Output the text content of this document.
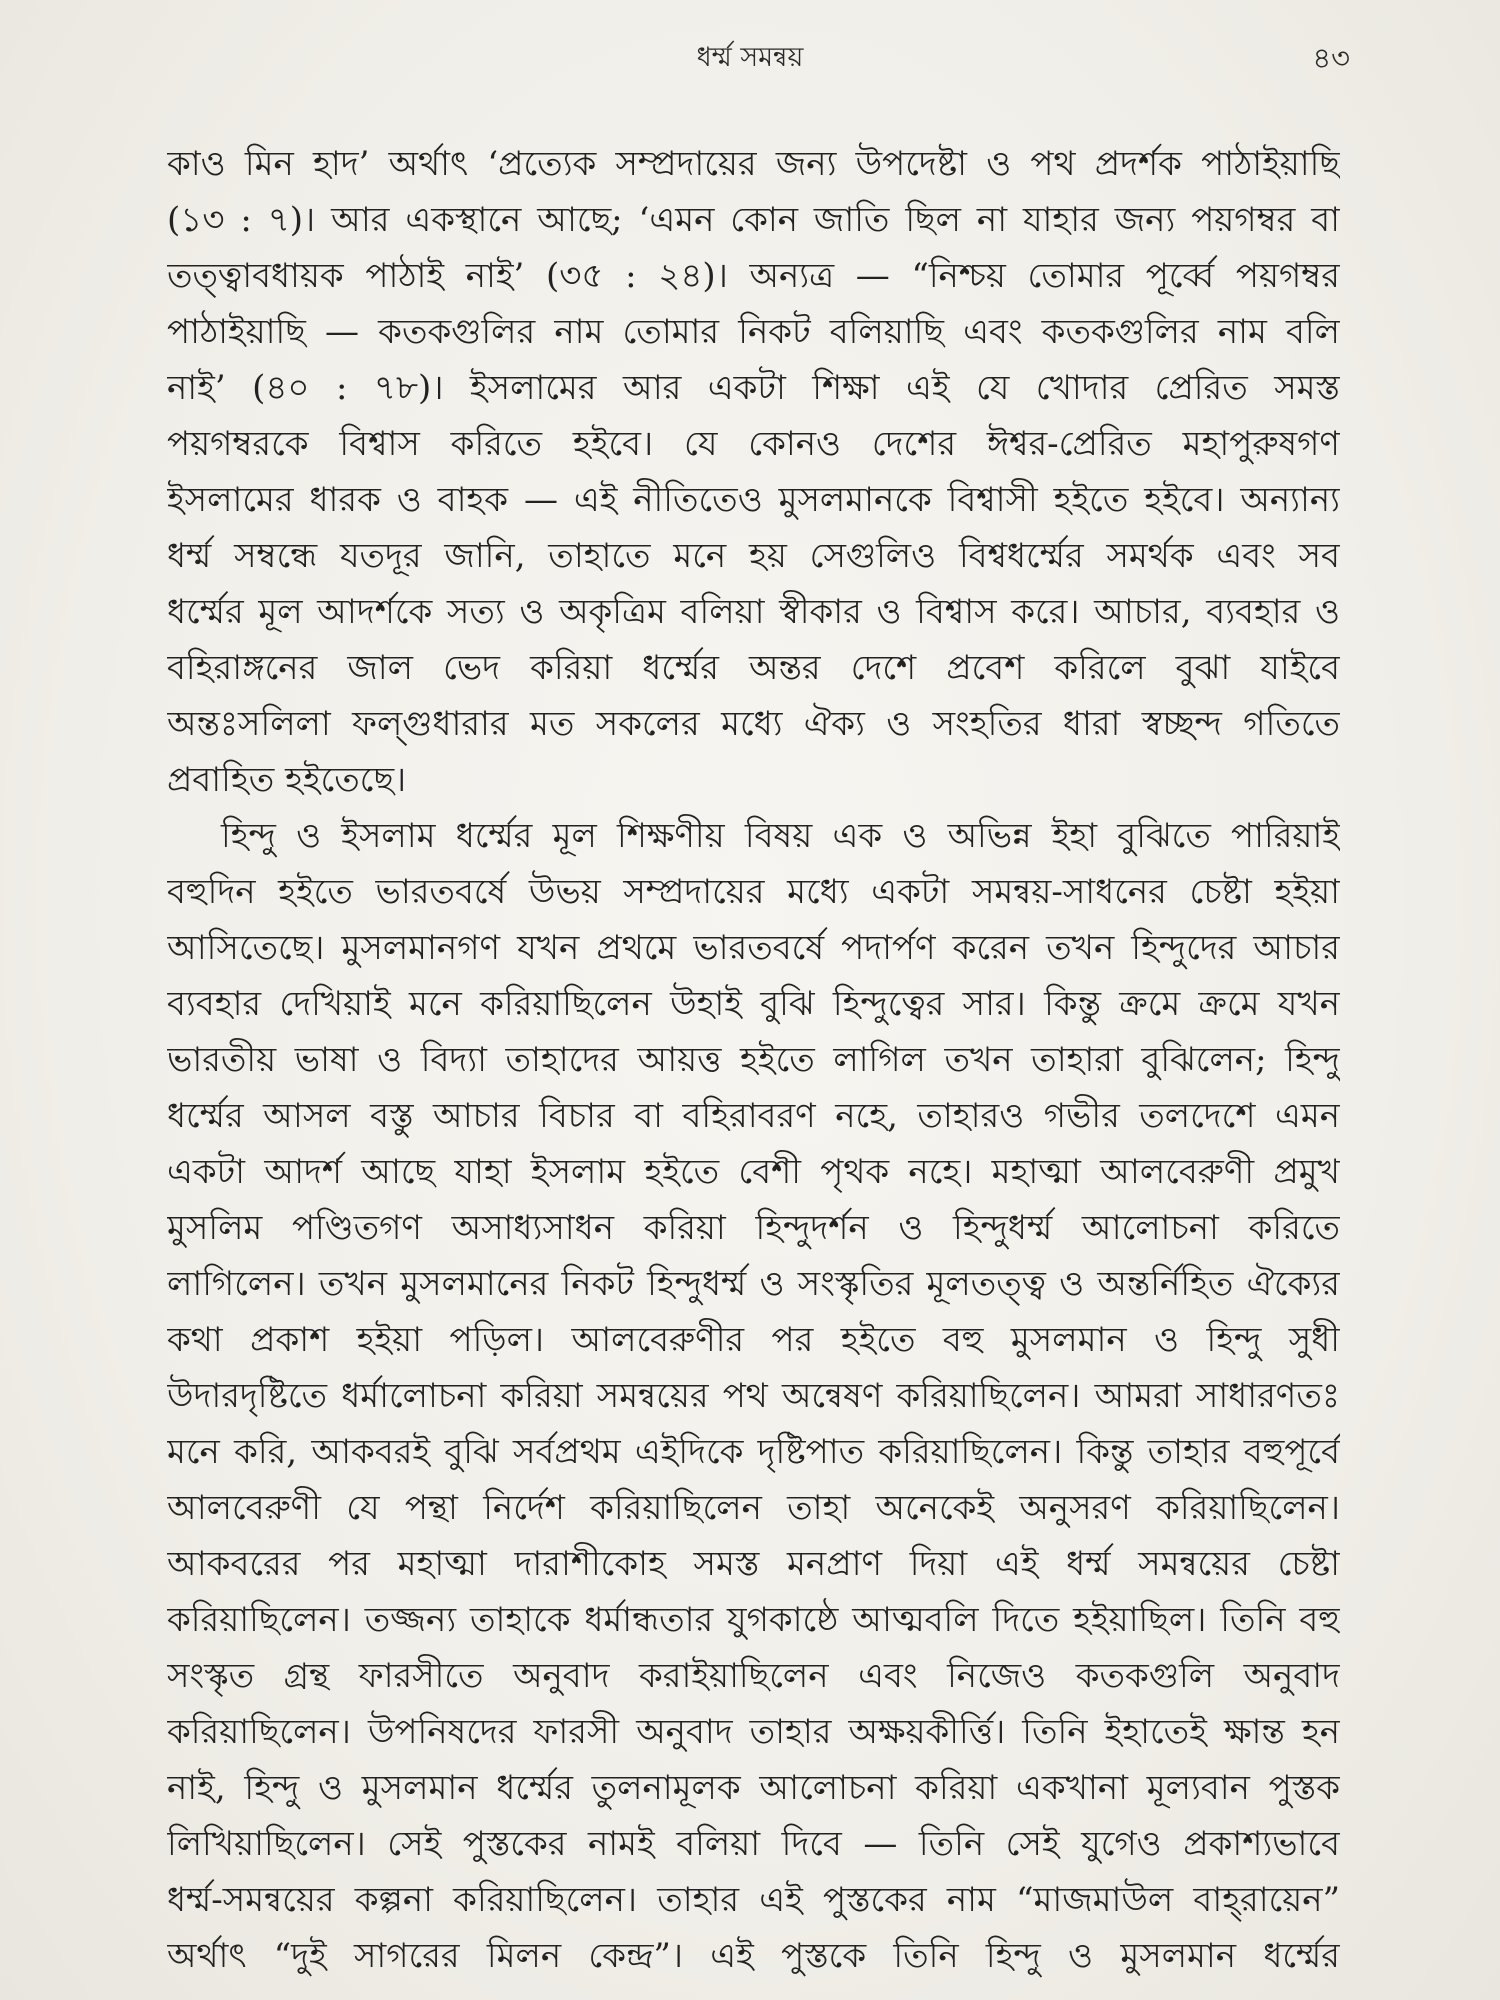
ধর্ম্ম সমন্বয়	৪৩
কাও মিন হাদ’ অর্থাৎ ‘প্রত্যেক সম্প্রদায়ের জন্য উপদেষ্টা ও পথ প্রদর্শক পাঠাইয়াছি
(১৩ : ৭)। আর একস্থানে আছে; ‘এমন কোন জাতি ছিল না যাহার জন্য পয়গম্বর বা
তত্ত্বাবধায়ক পাঠাই নাই’ (৩৫ : ২৪)। অন্যত্র — “নিশ্চয় তোমার পূর্ব্বে পয়গম্বর
পাঠাইয়াছি — কতকগুলির নাম তোমার নিকট বলিয়াছি এবং কতকগুলির নাম বলি
নাই’ (৪০ : ৭৮)। ইসলামের আর একটা শিক্ষা এই যে খোদার প্রেরিত সমস্ত
পয়গম্বরকে বিশ্বাস করিতে হইবে। যে কোনও দেশের ঈশ্বর-প্রেরিত মহাপুরুষগণ
ইসলামের ধারক ও বাহক — এই নীতিতেও মুসলমানকে বিশ্বাসী হইতে হইবে। অন্যান্য
ধর্ম্ম সম্বন্ধে যতদূর জানি, তাহাতে মনে হয় সেগুলিও বিশ্বধর্ম্মের সমর্থক এবং সব
ধর্ম্মের মূল আদর্শকে সত্য ও অকৃত্রিম বলিয়া স্বীকার ও বিশ্বাস করে। আচার, ব্যবহার ও
বহিরাঙ্গনের জাল ভেদ করিয়া ধর্ম্মের অন্তর দেশে প্রবেশ করিলে বুঝা যাইবে
অন্তঃসলিলা ফল্গুধারার মত সকলের মধ্যে ঐক্য ও সংহতির ধারা স্বচ্ছন্দ গতিতে
প্রবাহিত হইতেছে।
হিন্দু ও ইসলাম ধর্ম্মের মূল শিক্ষণীয় বিষয় এক ও অভিন্ন ইহা বুঝিতে পারিয়াই
বহুদিন হইতে ভারতবর্ষে উভয় সম্প্রদায়ের মধ্যে একটা সমন্বয়-সাধনের চেষ্টা হইয়া
আসিতেছে। মুসলমানগণ যখন প্রথমে ভারতবর্ষে পদার্পণ করেন তখন হিন্দুদের আচার
ব্যবহার দেখিয়াই মনে করিয়াছিলেন উহাই বুঝি হিন্দুত্বের সার। কিন্তু ক্রমে ক্রমে যখন
ভারতীয় ভাষা ও বিদ্যা তাহাদের আয়ত্ত হইতে লাগিল তখন তাহারা বুঝিলেন; হিন্দু
ধর্ম্মের আসল বস্তু আচার বিচার বা বহিরাবরণ নহে, তাহারও গভীর তলদেশে এমন
একটা আদর্শ আছে যাহা ইসলাম হইতে বেশী পৃথক নহে। মহাত্মা আলবেরুণী প্রমুখ
মুসলিম পণ্ডিতগণ অসাধ্যসাধন করিয়া হিন্দুদর্শন ও হিন্দুধর্ম্ম আলোচনা করিতে
লাগিলেন। তখন মুসলমানের নিকট হিন্দুধর্ম্ম ও সংস্কৃতির মূলতত্ত্ব ও অন্তর্নিহিত ঐক্যের
কথা প্রকাশ হইয়া পড়িল। আলবেরুণীর পর হইতে বহু মুসলমান ও হিন্দু সুধী
উদারদৃষ্টিতে ধর্মালোচনা করিয়া সমন্বয়ের পথ অন্বেষণ করিয়াছিলেন। আমরা সাধারণতঃ
মনে করি, আকবরই বুঝি সর্বপ্রথম এইদিকে দৃষ্টিপাত করিয়াছিলেন। কিন্তু তাহার বহুপূর্বে
আলবেরুণী যে পন্থা নির্দেশ করিয়াছিলেন তাহা অনেকেই অনুসরণ করিয়াছিলেন।
আকবরের পর মহাত্মা দারাশীকোহ সমস্ত মনপ্রাণ দিয়া এই ধর্ম্ম সমন্বয়ের চেষ্টা
করিয়াছিলেন। তজ্জন্য তাহাকে ধর্মান্ধতার যুগকাষ্ঠে আত্মবলি দিতে হইয়াছিল। তিনি বহু
সংস্কৃত গ্রন্থ ফারসীতে অনুবাদ করাইয়াছিলেন এবং নিজেও কতকগুলি অনুবাদ
করিয়াছিলেন। উপনিষদের ফারসী অনুবাদ তাহার অক্ষয়কীর্ত্তি। তিনি ইহাতেই ক্ষান্ত হন
নাই, হিন্দু ও মুসলমান ধর্ম্মের তুলনামূলক আলোচনা করিয়া একখানা মূল্যবান পুস্তক
লিখিয়াছিলেন। সেই পুস্তকের নামই বলিয়া দিবে — তিনি সেই যুগেও প্রকাশ্যভাবে
ধর্ম্ম-সমন্বয়ের কল্পনা করিয়াছিলেন। তাহার এই পুস্তকের নাম “মাজমাউল বাহ্‌রায়েন”
অর্থাৎ “দুই সাগরের মিলন কেন্দ্র”। এই পুস্তকে তিনি হিন্দু ও মুসলমান ধর্ম্মের
